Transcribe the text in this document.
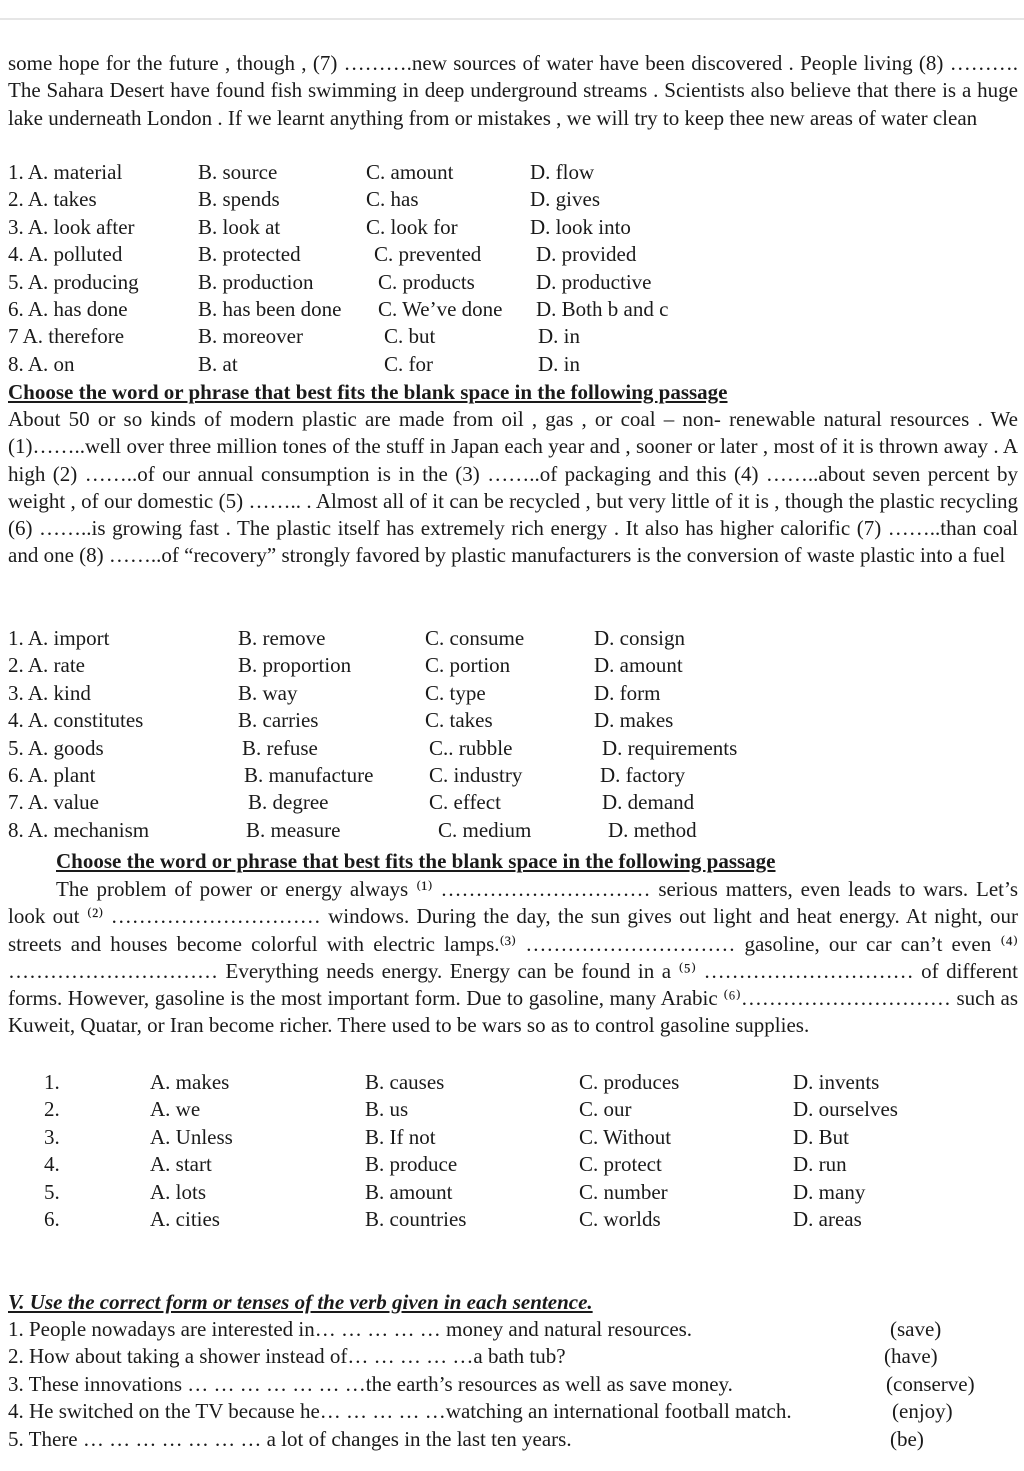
some hope for the future , though , (7) ……….new sources of water have been discovered . People living (8) ………. The Sahara Desert have found fish swimming in deep underground streams . Scientists also believe that there is a huge lake underneath London . If we learnt anything from or mistakes , we will try to keep thee new areas of water clean

1. A. material	B. source	C. amount	D. flow
2. A. takes	B. spends	C. has	D. gives
3. A. look after	B. look at	C. look for	D. look into
4. A. polluted	B. protected	C. prevented	D. provided
5. A. producing	B. production	C. products	D. productive
6. A. has done	B. has been done C. We’ve done D. Both b and c
7 A. therefore	B. moreover	C. but	D. in
8. A. on	B. at	C. for	D. in
Choose the word or phrase that best fits the blank space in the following passage

About 50 or so kinds of modern plastic are made from oil , gas , or coal – non- renewable natural resources . We (1)……..well over three million tones of the stuff in Japan each year and , sooner or later , most of it is thrown away . A high (2) ……..of our annual consumption is in the (3) ……..of packaging and this (4) ……..about seven percent by weight , of our domestic (5) …….. . Almost all of it can be recycled , but very little of it is , though the plastic recycling (6) ……..is growing fast . The plastic itself has extremely rich energy . It also has higher calorific (7) ……..than coal and one (8) ……..of “recovery” strongly favored by plastic manufacturers is the conversion of waste plastic into a fuel

1. A. import	B. remove	C. consume	D. consign
2. A. rate	B. proportion	C. portion	D. amount
3. A. kind	B. way	C. type	D. form
4. A. constitutes	B. carries	C. takes	D. makes
5. A. goods	B. refuse	C.. rubble	D. requirements
6. A. plant	B. manufacture	C. industry	D. factory
7. A. value	B. degree	C. effect	D. demand
8. A. mechanism	B. measure	C. medium	D. method
Choose the word or phrase that best fits the blank space in the following passage

The problem of power or energy always ⁽¹⁾ ………………………… serious matters, even leads to wars. Let’s look out ⁽²⁾ ………………………… windows. During the day, the sun gives out light and heat energy. At night, our streets and houses become colorful with electric lamps.⁽³⁾ ………………………… gasoline, our car can’t even ⁽⁴⁾ ………………………… Everything needs energy. Energy can be found in a ⁽⁵⁾ ………………………… of different forms. However, gasoline is the most important form. Due to gasoline, many Arabic ⁽⁶⁾………………………… such as Kuweit, Quatar, or Iran become richer. There used to be wars so as to control gasoline supplies.

1.	A. makes	B. causes	C. produces	D. invents
2.	A. we	B. us	C. our	D. ourselves
3.	A. Unless	B. If not	C. Without	D. But
4.	A. start	B. produce	C. protect	D. run
5.	A. lots	B. amount	C. number	D. many
6.	A. cities	B. countries	C. worlds	D. areas
V. Use the correct form or tenses of the verb given in each sentence.
1. People nowadays are interested in… … … … … money and natural resources.	(save)
2. How about taking a shower instead of… … … … …a bath tub?	(have)
3. These innovations … … … … … … …the earth’s resources as well as save money.	(conserve)
4. He switched on the TV because he… … … … …watching an international football match.	(enjoy)
5. There … … … … … … … a lot of changes in the last ten years.	(be)
